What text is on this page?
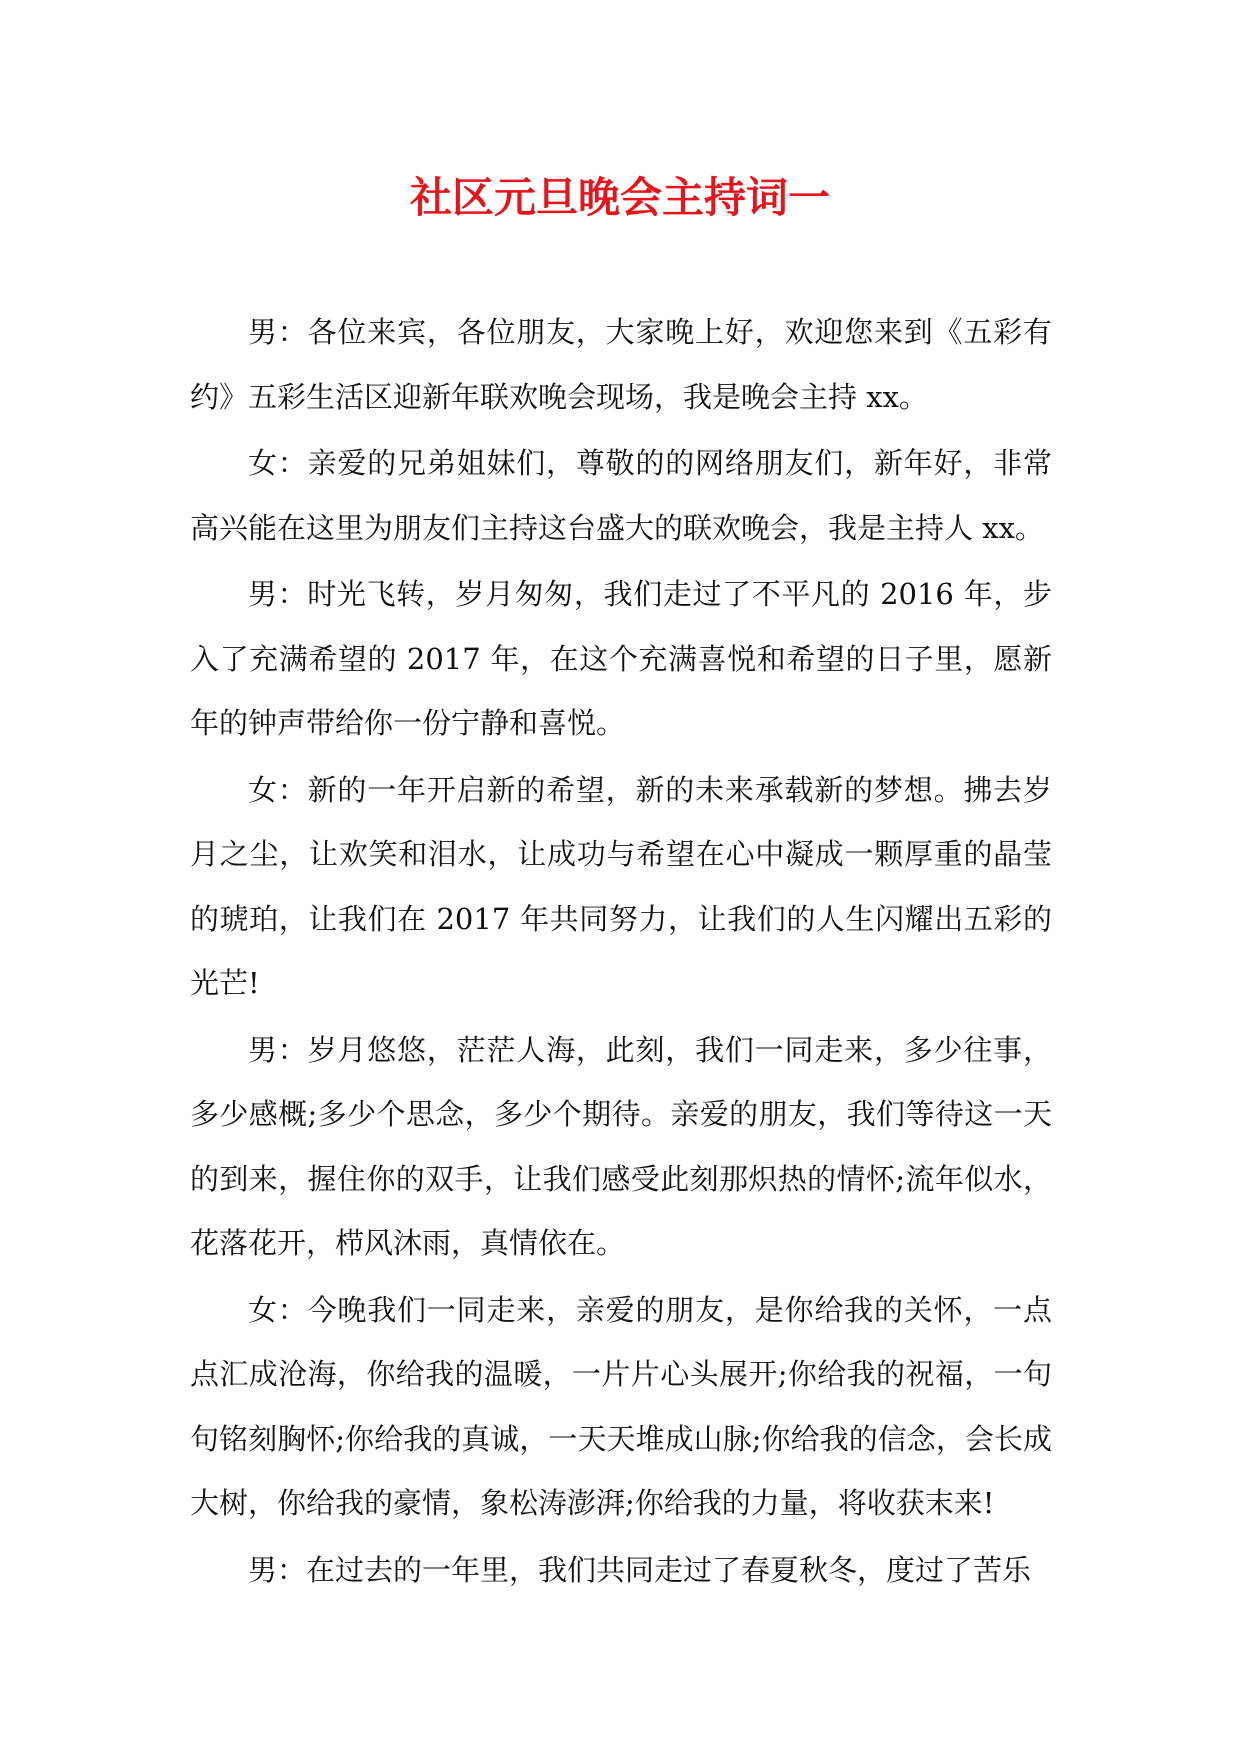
社区元旦晚会主持词一

男：各位来宾，各位朋友，大家晚上好，欢迎您来到《五彩有约》五彩生活区迎新年联欢晚会现场，我是晚会主持 xx。

女：亲爱的兄弟姐妹们，尊敬的的网络朋友们，新年好，非常高兴能在这里为朋友们主持这台盛大的联欢晚会，我是主持人 xx。

男：时光飞转，岁月匆匆，我们走过了不平凡的 2016 年，步入了充满希望的 2017 年，在这个充满喜悦和希望的日子里，愿新年的钟声带给你一份宁静和喜悦。

女：新的一年开启新的希望，新的未来承载新的梦想。拂去岁月之尘，让欢笑和泪水，让成功与希望在心中凝成一颗厚重的晶莹的琥珀，让我们在 2017 年共同努力，让我们的人生闪耀出五彩的光芒!

男：岁月悠悠，茫茫人海，此刻，我们一同走来，多少往事，多少感概;多少个思念，多少个期待。亲爱的朋友，我们等待这一天的到来，握住你的双手，让我们感受此刻那炽热的情怀;流年似水，花落花开，栉风沐雨，真情依在。

女：今晚我们一同走来，亲爱的朋友，是你给我的关怀，一点点汇成沧海，你给我的温暖，一片片心头展开;你给我的祝福，一句句铭刻胸怀;你给我的真诚，一天天堆成山脉;你给我的信念，会长成大树，你给我的豪情，象松涛澎湃;你给我的力量，将收获末来!

男：在过去的一年里，我们共同走过了春夏秋冬，度过了苦乐
